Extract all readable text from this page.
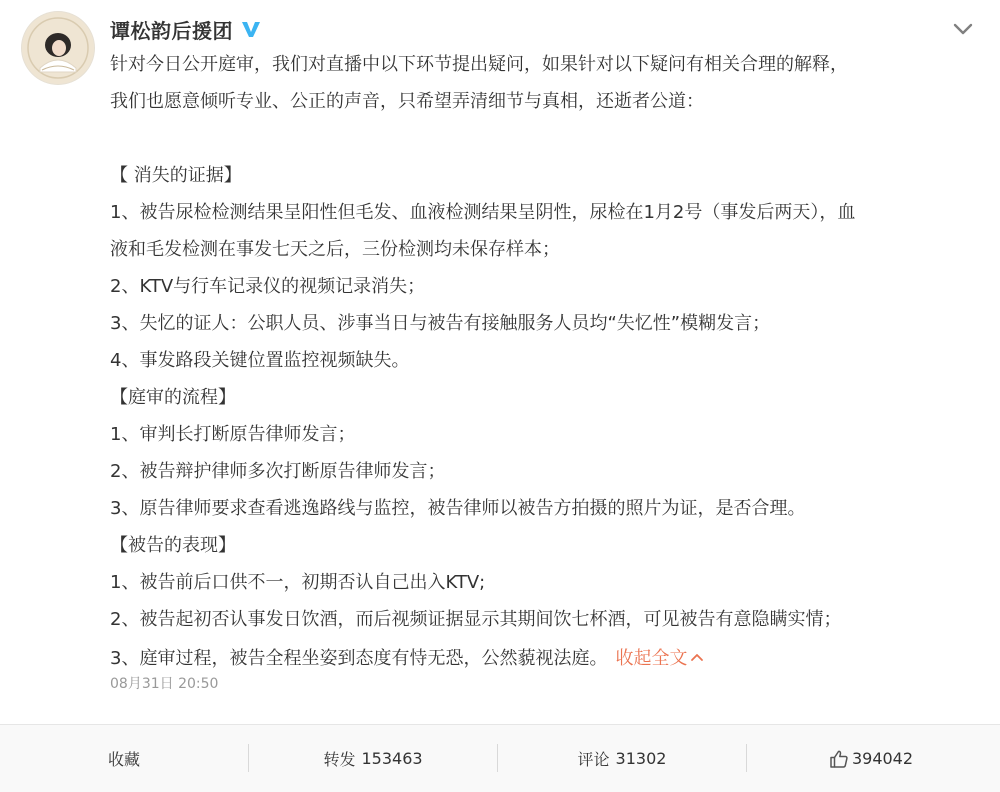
谭松韵后援团

针对今日公开庭审，我们对直播中以下环节提出疑问，如果针对以下疑问有相关合理的解释，

我们也愿意倾听专业、公正的声音，只希望弄清细节与真相，还逝者公道：

【 消失的证据】

1、被告尿检检测结果呈阳性但毛发、血液检测结果呈阴性，尿检在1月2号（事发后两天），血

液和毛发检测在事发七天之后，三份检测均未保存样本；

2、KTV与行车记录仪的视频记录消失；

3、失忆的证人：公职人员、涉事当日与被告有接触服务人员均“失忆性”模糊发言；

4、事发路段关键位置监控视频缺失。

【庭审的流程】

1、审判长打断原告律师发言；

2、被告辩护律师多次打断原告律师发言；

3、原告律师要求查看逃逸路线与监控，被告律师以被告方拍摄的照片为证，是否合理。

【被告的表现】

1、被告前后口供不一，初期否认自己出入KTV;

2、被告起初否认事发日饮酒，而后视频证据显示其期间饮七杯酒，可见被告有意隐瞒实情；

3、庭审过程，被告全程坐姿到态度有恃无恐，公然藐视法庭。 收起全文

08月31日 20:50
收藏	转发 153463	评论 31302	394042
